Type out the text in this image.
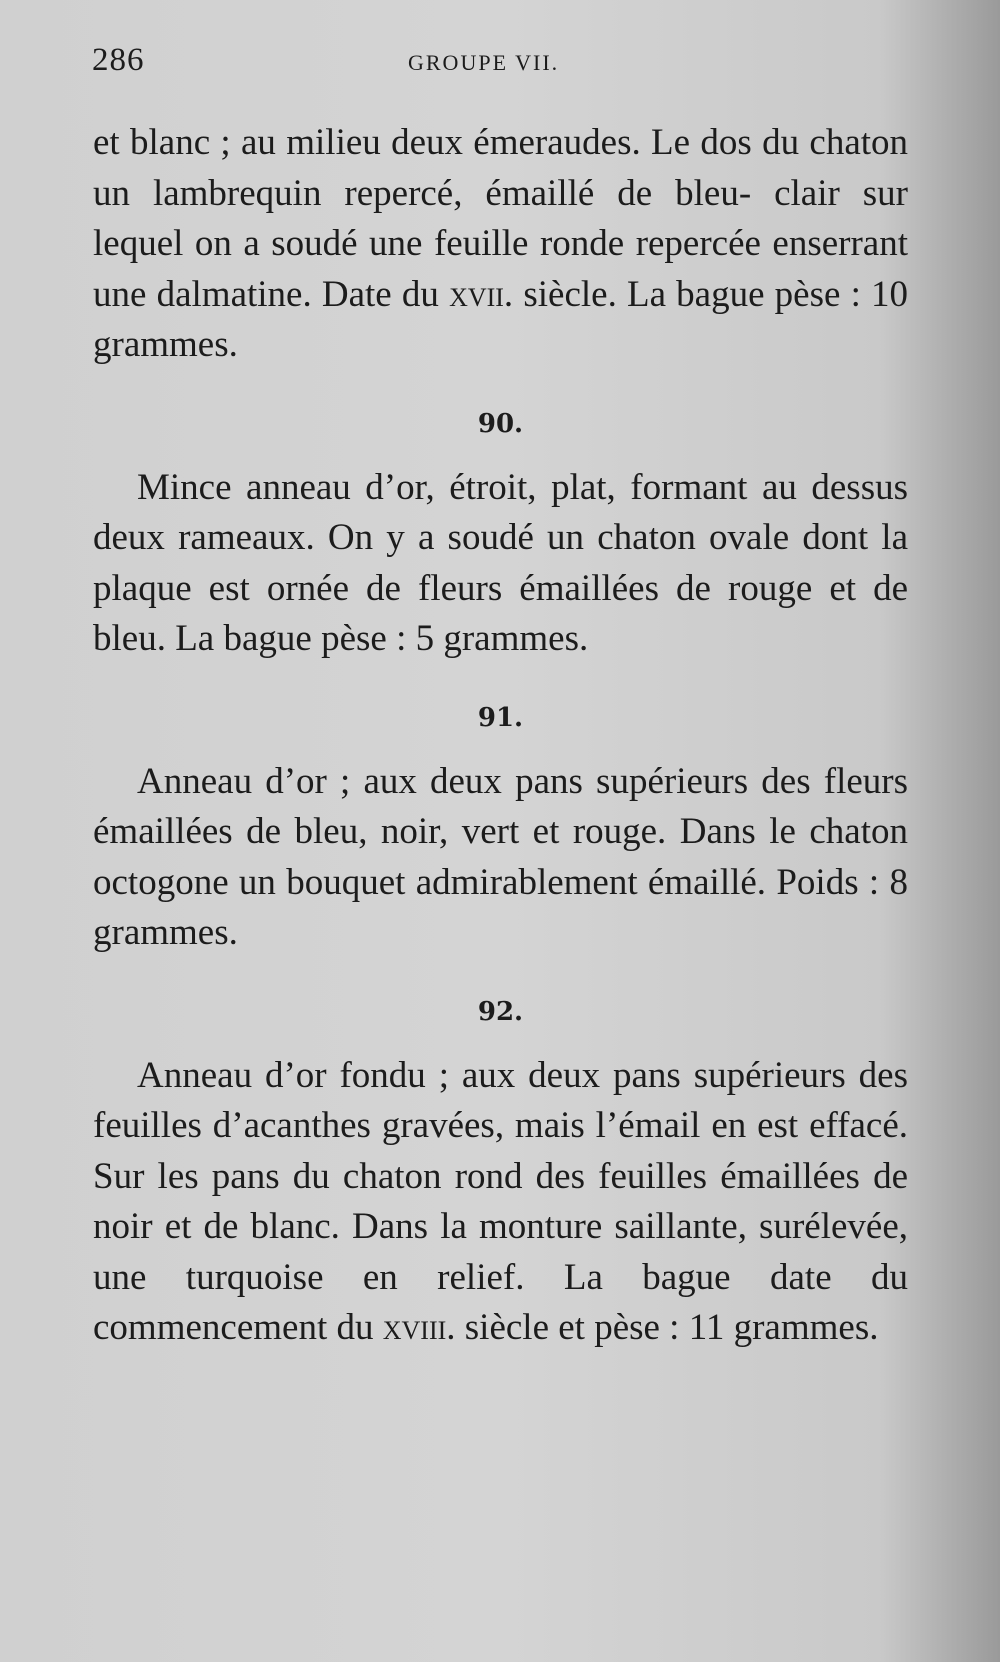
286	GROUPE VII.

et blanc ; au milieu deux émeraudes. Le dos du chaton un lambrequin repercé, émaillé de bleu- clair sur lequel on a soudé une feuille ronde repercée enserrant une dalmatine. Date du xvii. siècle. La bague pèse : 10 grammes.

90.

Mince anneau d’or, étroit, plat, formant au dessus deux rameaux. On y a soudé un chaton ovale dont la plaque est ornée de fleurs émaillées de rouge et de bleu. La bague pèse : 5 grammes.

91.

Anneau d’or ; aux deux pans supérieurs des fleurs émaillées de bleu, noir, vert et rouge. Dans le chaton octogone un bouquet admirablement émaillé. Poids : 8 grammes.

92.

Anneau d’or fondu ; aux deux pans supérieurs des feuilles d’acanthes gravées, mais l’émail en est effacé. Sur les pans du chaton rond des feuilles émaillées de noir et de blanc. Dans la monture saillante, surélevée, une turquoise en relief. La bague date du commencement du xviii. siècle et pèse : 11 grammes.
